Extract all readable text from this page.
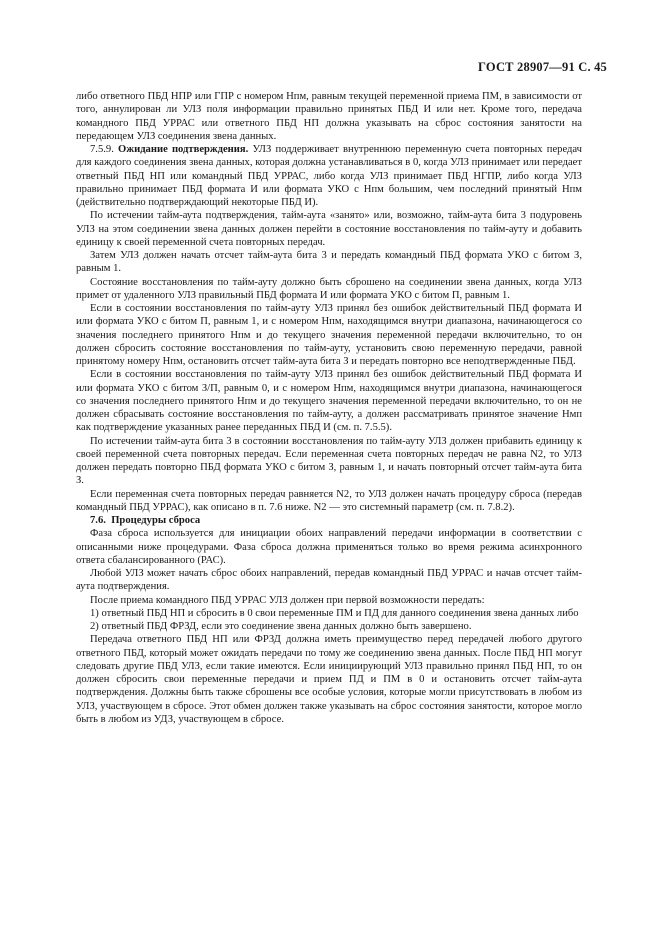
ГОСТ 28907—91 С. 45

либо ответного ПБД НПР или ГПР с номером Нпм, равным текущей переменной приема ПМ, в зависимости от того, аннулирован ли УЛЗ поля информации правильно принятых ПБД И или нет. Кроме того, передача командного ПБД УРРАС или ответного ПБД НП должна указывать на сброс состояния занятости на передающем УЛЗ соединения звена данных.

7.5.9. Ожидание подтверждения. УЛЗ поддерживает внутреннюю переменную счета повторных передач для каждого соединения звена данных, которая должна устанавливаться в 0, когда УЛЗ принимает или передает ответный ПБД НП или командный ПБД УРРАС, либо когда УЛЗ принимает ПБД НГПР, либо когда УЛЗ правильно принимает ПБД формата И или формата УКО с Нпм большим, чем последний принятый Нпм (действительно подтверждающий некоторые ПБД И).

По истечении тайм-аута подтверждения, тайм-аута «занято» или, возможно, тайм-аута бита 3 подуровень УЛЗ на этом соединении звена данных должен перейти в состояние восстановления по тайм-ауту и добавить единицу к своей переменной счета повторных передач.

Затем УЛЗ должен начать отсчет тайм-аута бита 3 и передать командный ПБД формата УКО с битом З, равным 1.

Состояние восстановления по тайм-ауту должно быть сброшено на соединении звена данных, когда УЛЗ примет от удаленного УЛЗ правильный ПБД формата И или формата УКО с битом П, равным 1.

Если в состоянии восстановления по тайм-ауту УЛЗ принял без ошибок действительный ПБД формата И или формата УКО с битом П, равным 1, и с номером Нпм, находящимся внутри диапазона, начинающегося со значения последнего принятого Нпм и до текущего значения переменной передачи включительно, то он должен сбросить состояние восстановления по тайм-ауту, установить свою переменную передачи, равной принятому номеру Нпм, остановить отсчет тайм-аута бита З и передать повторно все неподтвержденные ПБД.

Если в состоянии восстановления по тайм-ауту УЛЗ принял без ошибок действительный ПБД формата И или формата УКО с битом З/П, равным 0, и с номером Нпм, находящимся внутри диапазона, начинающегося со значения последнего принятого Нпм и до текущего значения переменной передачи включительно, то он не должен сбрасывать состояние восстановления по тайм-ауту, а должен рассматривать принятое значение Нмп как подтверждение указанных ранее переданных ПБД И (см. п. 7.5.5).

По истечении тайм-аута бита 3 в состоянии восстановления по тайм-ауту УЛЗ должен прибавить единицу к своей переменной счета повторных передач. Если переменная счета повторных передач не равна N2, то УЛЗ должен передать повторно ПБД формата УКО с битом З, равным 1, и начать повторный отсчет тайм-аута бита З.

Если переменная счета повторных передач равняется N2, то УЛЗ должен начать процедуру сброса (передав командный ПБД УРРАС), как описано в п. 7.6 ниже. N2 — это системный параметр (см. п. 7.8.2).

7.6. Процедуры сброса

Фаза сброса используется для инициации обоих направлений передачи информации в соответствии с описанными ниже процедурами. Фаза сброса должна применяться только во время режима асинхронного ответа сбалансированного (РАС).

Любой УЛЗ может начать сброс обоих направлений, передав командный ПБД УРРАС и начав отсчет тайм-аута подтверждения.

После приема командного ПБД УРРАС УЛЗ должен при первой возможности передать:

1) ответный ПБД НП и сбросить в 0 свои переменные ПМ и ПД для данного соединения звена данных либо

2) ответный ПБД ФРЗД, если это соединение звена данных должно быть завершено.

Передача ответного ПБД НП или ФРЗД должна иметь преимущество перед передачей любого другого ответного ПБД, который может ожидать передачи по тому же соединению звена данных. После ПБД НП могут следовать другие ПБД УЛЗ, если такие имеются. Если инициирующий УЛЗ правильно принял ПБД НП, то он должен сбросить свои переменные передачи и прием ПД и ПМ в 0 и остановить отсчет тайм-аута подтверждения. Должны быть также сброшены все особые условия, которые могли присутствовать в любом из УЛЗ, участвующем в сбросе. Этот обмен должен также указывать на сброс состояния занятости, которое могло быть в любом из УДЗ, участвующем в сбросе.
